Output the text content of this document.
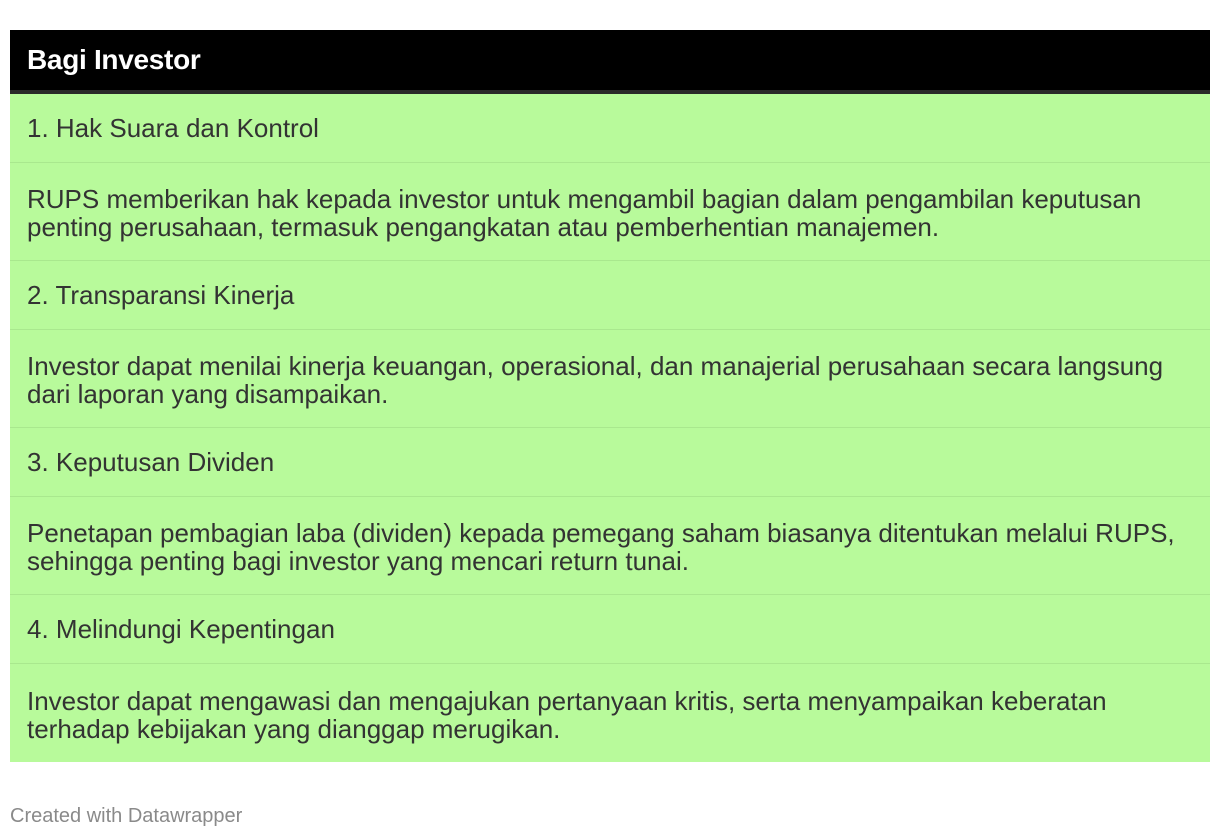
Bagi Investor
1. Hak Suara dan Kontrol
RUPS memberikan hak kepada investor untuk mengambil bagian dalam pengambilan keputusan penting perusahaan, termasuk pengangkatan atau pemberhentian manajemen.
2. Transparansi Kinerja
Investor dapat menilai kinerja keuangan, operasional, dan manajerial perusahaan secara langsung dari laporan yang disampaikan.
3. Keputusan Dividen
Penetapan pembagian laba (dividen) kepada pemegang saham biasanya ditentukan melalui RUPS, sehingga penting bagi investor yang mencari return tunai.
4. Melindungi Kepentingan
Investor dapat mengawasi dan mengajukan pertanyaan kritis, serta menyampaikan keberatan terhadap kebijakan yang dianggap merugikan.
Created with Datawrapper
